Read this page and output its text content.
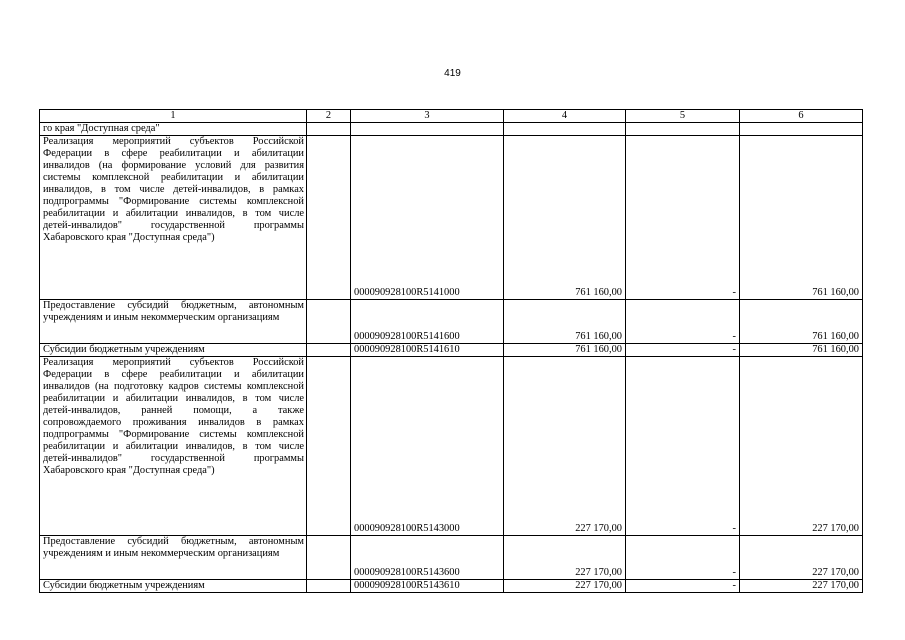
419
1	2	3	4	5	6
го края "Доступная среда"					
Реализация мероприятий субъектов Российской Федерации в сфере реабилитации и абилитации инвалидов (на формирование условий для развития системы комплексной реабилитации и абилитации инвалидов, в том числе детей-инвалидов, в рамках подпрограммы "Формирование системы комплексной реабилитации и абилитации инвалидов, в том числе детей-инвалидов" государственной программы Хабаровского края "Доступная среда")		000090928100R5141000	761 160,00	-	761 160,00
Предоставление субсидий бюджетным, автономным учреждениям и иным некоммерческим организациям		000090928100R5141600	761 160,00	-	761 160,00
Субсидии бюджетным учреждениям		000090928100R5141610	761 160,00	-	761 160,00
Реализация мероприятий субъектов Российской Федерации в сфере реабилитации и абилитации инвалидов (на подготовку кадров системы комплексной реабилитации и абилитации инвалидов, в том числе детей-инвалидов, ранней помощи, а также сопровождаемого проживания инвалидов в рамках подпрограммы "Формирование системы комплексной реабилитации и абилитации инвалидов, в том числе детей-инвалидов" государственной программы Хабаровского края "Доступная среда")		000090928100R5143000	227 170,00	-	227 170,00
Предоставление субсидий бюджетным, автономным учреждениям и иным некоммерческим организациям		000090928100R5143600	227 170,00	-	227 170,00
Субсидии бюджетным учреждениям		000090928100R5143610	227 170,00	-	227 170,00
